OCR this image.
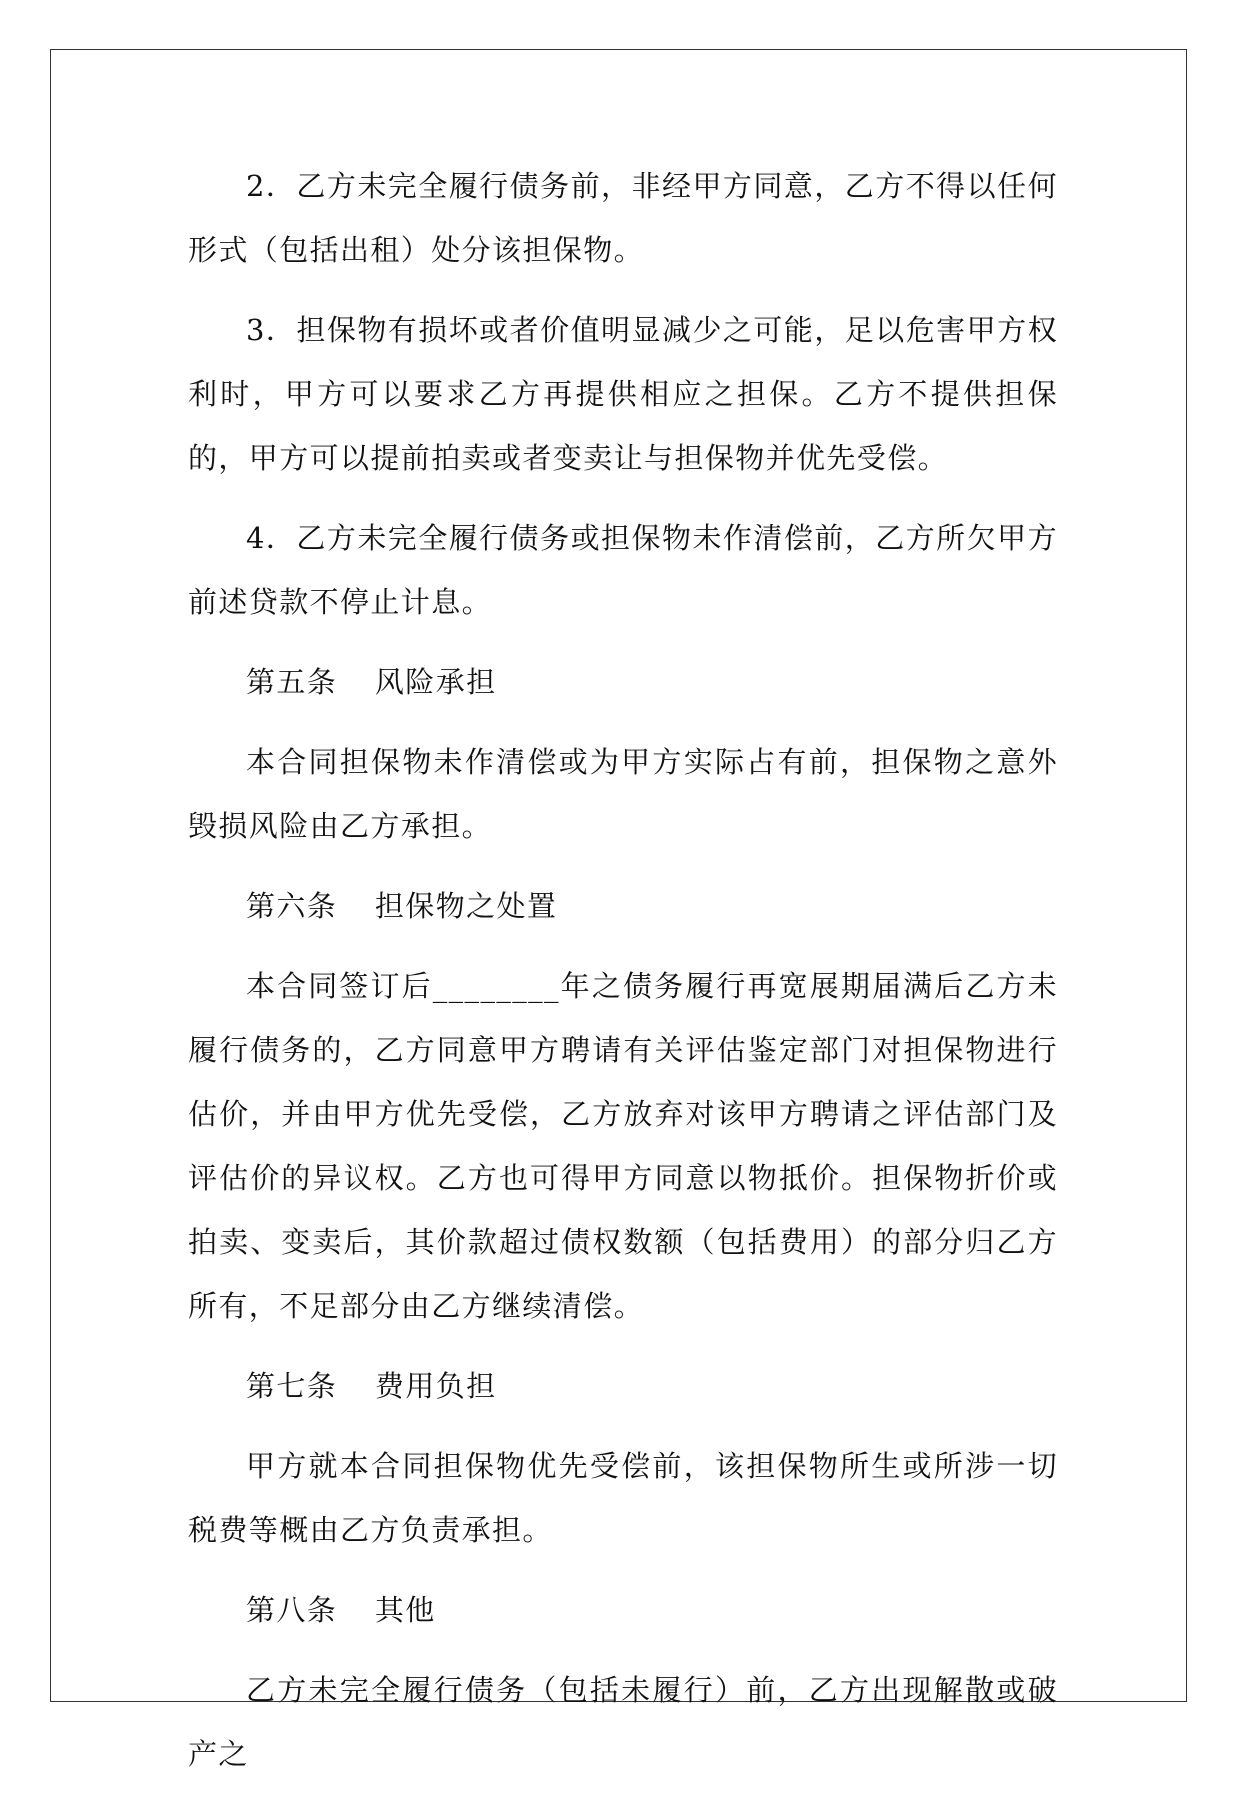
2．乙方未完全履行债务前，非经甲方同意，乙方不得以任何形式（包括出租）处分该担保物。

3．担保物有损坏或者价值明显减少之可能，足以危害甲方权利时，甲方可以要求乙方再提供相应之担保。乙方不提供担保的，甲方可以提前拍卖或者变卖让与担保物并优先受偿。

4．乙方未完全履行债务或担保物未作清偿前，乙方所欠甲方前述贷款不停止计息。

第五条 风险承担

本合同担保物未作清偿或为甲方实际占有前，担保物之意外毁损风险由乙方承担。

第六条 担保物之处置

本合同签订后________年之债务履行再宽展期届满后乙方未履行债务的，乙方同意甲方聘请有关评估鉴定部门对担保物进行估价，并由甲方优先受偿，乙方放弃对该甲方聘请之评估部门及评估价的异议权。乙方也可得甲方同意以物抵价。担保物折价或拍卖、变卖后，其价款超过债权数额（包括费用）的部分归乙方所有，不足部分由乙方继续清偿。

第七条 费用负担

甲方就本合同担保物优先受偿前，该担保物所生或所涉一切税费等概由乙方负责承担。

第八条 其他

乙方未完全履行债务（包括未履行）前，乙方出现解散或破产之
